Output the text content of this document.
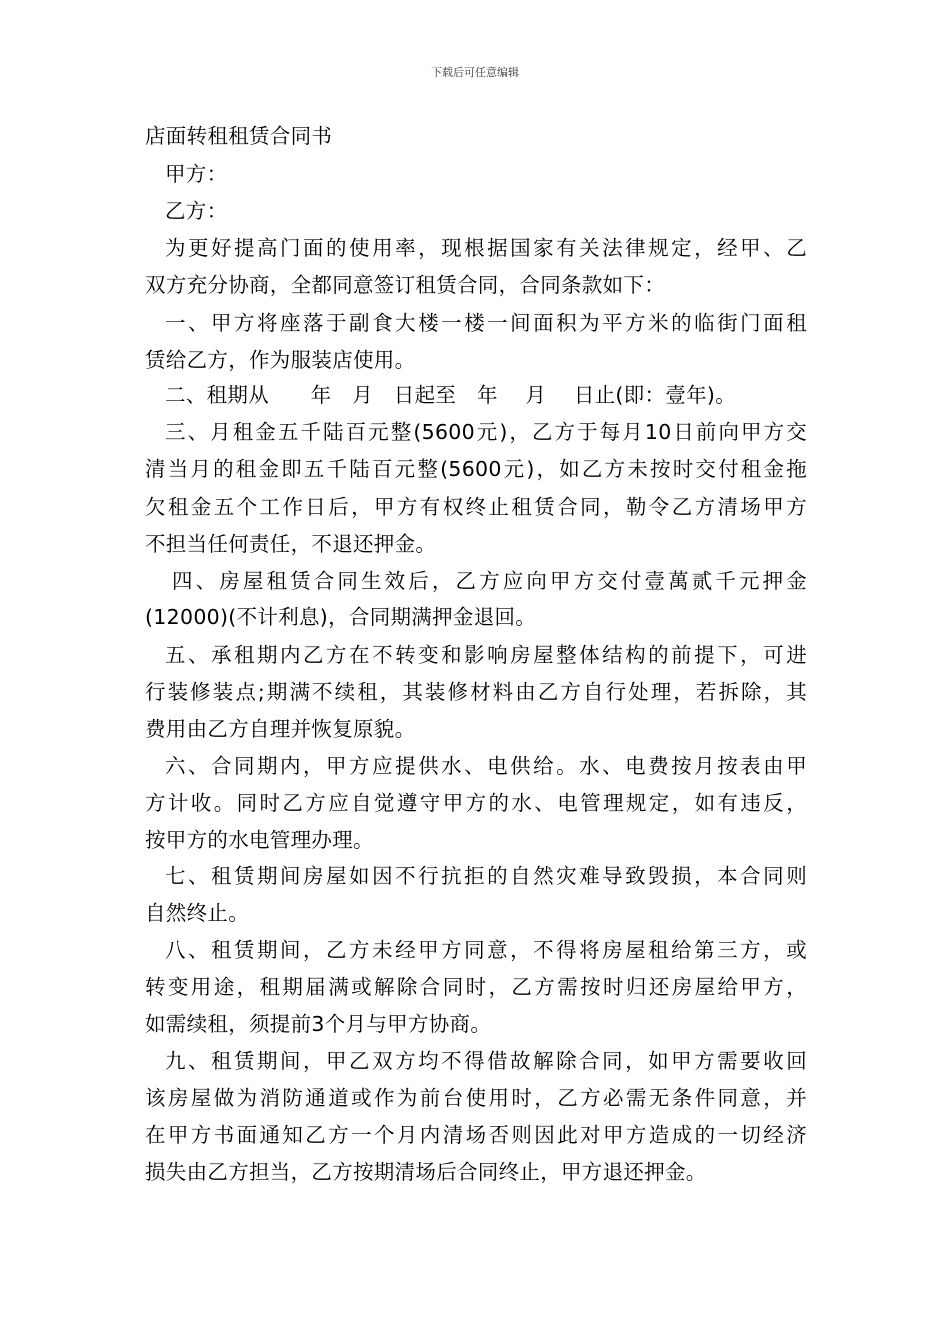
下载后可任意编辑
店面转租租赁合同书
甲方：
乙方：
为更好提高门面的使用率，现根据国家有关法律规定，经甲、乙
双方充分协商，全都同意签订租赁合同，合同条款如下：
一、甲方将座落于副食大楼一楼一间面积为平方米的临街门面租
赁给乙方，作为服装店使用。
二、租期从　　年　月　日起至　年　 月　 日止(即：壹年)。
三、月租金五千陆百元整(5600元)，乙方于每月10日前向甲方交
清当月的租金即五千陆百元整(5600元)，如乙方未按时交付租金拖
欠租金五个工作日后，甲方有权终止租赁合同，勒令乙方清场甲方
不担当任何责任，不退还押金。
四、房屋租赁合同生效后，乙方应向甲方交付壹萬贰千元押金
(12000)(不计利息)，合同期满押金退回。
五、承租期内乙方在不转变和影响房屋整体结构的前提下，可进
行装修装点;期满不续租，其装修材料由乙方自行处理，若拆除，其
费用由乙方自理并恢复原貌。
六、合同期内，甲方应提供水、电供给。水、电费按月按表由甲
方计收。同时乙方应自觉遵守甲方的水、电管理规定，如有违反，
按甲方的水电管理办理。
七、租赁期间房屋如因不行抗拒的自然灾难导致毁损，本合同则
自然终止。
八、租赁期间，乙方未经甲方同意，不得将房屋租给第三方，或
转变用途，租期届满或解除合同时，乙方需按时归还房屋给甲方，
如需续租，须提前3个月与甲方协商。
九、租赁期间，甲乙双方均不得借故解除合同，如甲方需要收回
该房屋做为消防通道或作为前台使用时，乙方必需无条件同意，并
在甲方书面通知乙方一个月内清场否则因此对甲方造成的一切经济
损失由乙方担当，乙方按期清场后合同终止，甲方退还押金。
